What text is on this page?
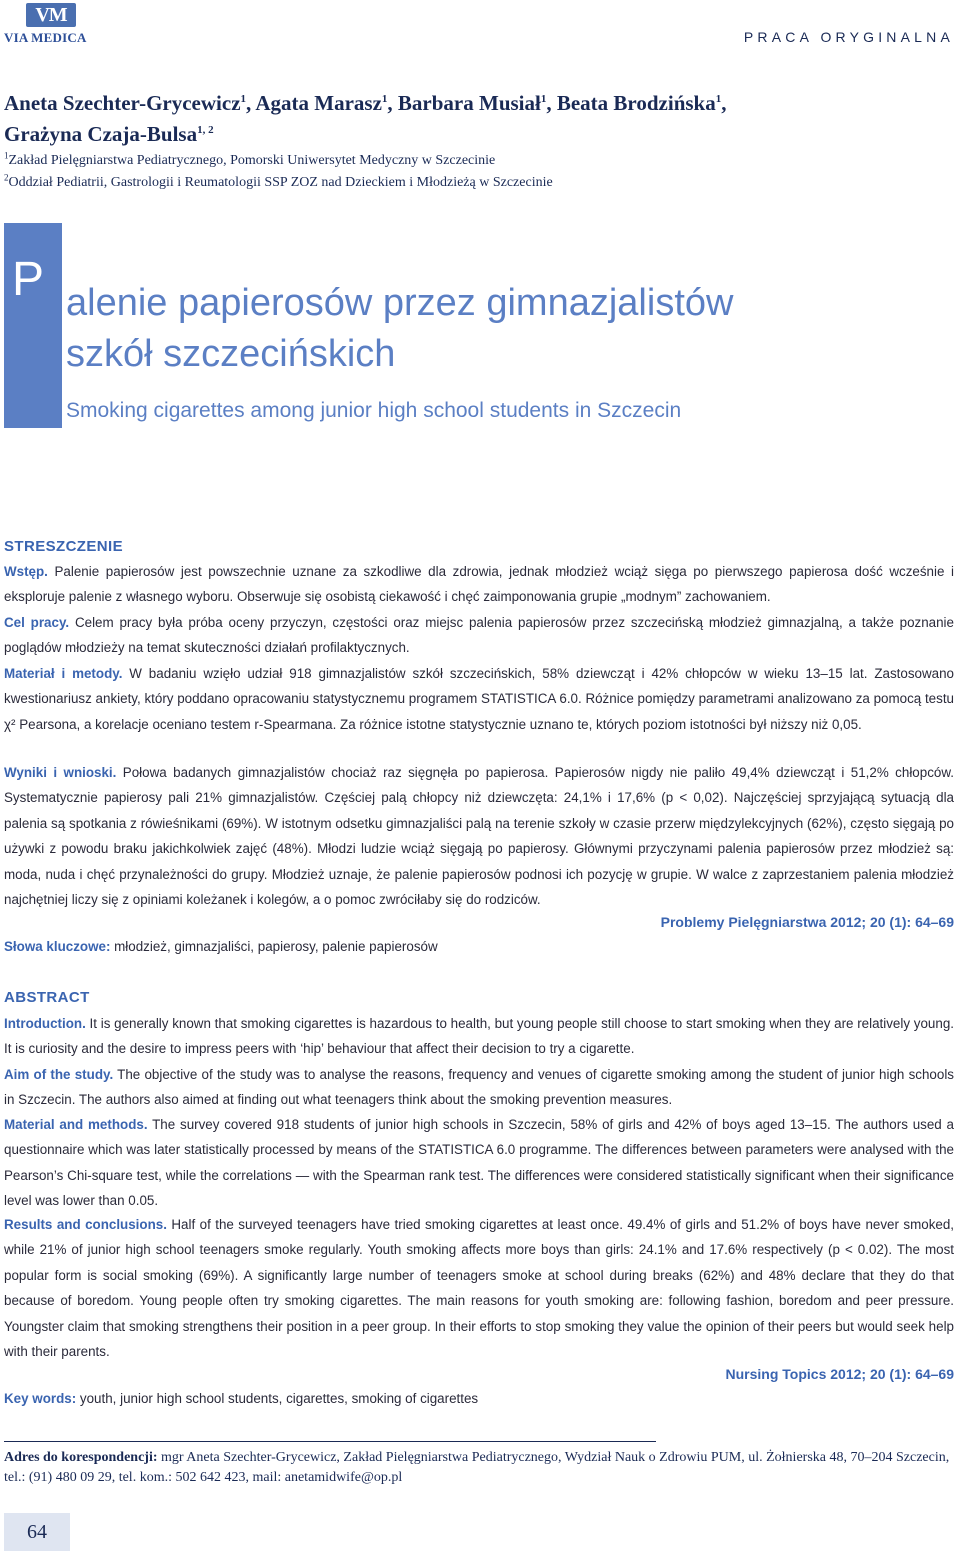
VM
VIA MEDICA	PRACA ORYGINALNA
Aneta Szechter-Grycewicz$^1$, Agata Marasz$^1$, Barbara Musiał$^1$, Beata Brodzińska$^1$,
Grażyna Czaja-Bulsa$^{1, 2}$
$^1$Zakład Pielęgniarstwa Pediatrycznego, Pomorski Uniwersytet Medyczny w Szczecinie
$^2$Oddział Pediatrii, Gastrologii i Reumatologii SSP ZOZ nad Dzieckiem i Młodzieżą w Szczecinie
P alenie papierosów przez gimnazjalistów
szkół szczecińskich
Smoking cigarettes among junior high school students in Szczecin
STRESZCZENIE
Wstęp. Palenie papierosów jest powszechnie uznane za szkodliwe dla zdrowia, jednak młodzież wciąż sięga po pierwszego papierosa dość wcześnie i eksploruje palenie z własnego wyboru. Obserwuje się osobistą ciekawość i chęć zaimponowania grupie „modnym” zachowaniem.
Cel pracy. Celem pracy była próba oceny przyczyn, częstości oraz miejsc palenia papierosów przez szczecińską młodzież gimnazjalną, a także poznanie poglądów młodzieży na temat skuteczności działań profilaktycznych.
Materiał i metody. W badaniu wzięło udział 918 gimnazjalistów szkół szczecińskich, 58% dziewcząt i 42% chłopców w wieku 13–15 lat. Zastosowano kwestionariusz ankiety, który poddano opracowaniu statystycznemu programem STATISTICA 6.0. Różnice pomiędzy parametrami analizowano za pomocą testu χ² Pearsona, a korelacje oceniano testem r-Spearmana. Za różnice istotne statystycznie uznano te, których poziom istotności był niższy niż 0,05.
Wyniki i wnioski. Połowa badanych gimnazjalistów chociaż raz sięgnęła po papierosa. Papierosów nigdy nie paliło 49,4% dziewcząt i 51,2% chłopców. Systematycznie papierosy pali 21% gimnazjalistów. Częściej palą chłopcy niż dziewczęta: 24,1% i 17,6% (p < 0,02). Najczęściej sprzyjającą sytuacją dla palenia są spotkania z rówieśnikami (69%). W istotnym odsetku gimnazjaliści palą na terenie szkoły w czasie przerw międzylekcyjnych (62%), często sięgają po używki z powodu braku jakichkolwiek zajęć (48%). Młodzi ludzie wciąż sięgają po papierosy. Głównymi przyczynami palenia papierosów przez młodzież są: moda, nuda i chęć przynależności do grupy. Młodzież uznaje, że palenie papierosów podnosi ich pozycję w grupie. W walce z zaprzestaniem palenia młodzież najchętniej liczy się z opiniami koleżanek i kolegów, a o pomoc zwróciłaby się do rodziców.
Problemy Pielęgniarstwa 2012; 20 (1): 64–69
Słowa kluczowe: młodzież, gimnazjaliści, papierosy, palenie papierosów
ABSTRACT
Introduction. It is generally known that smoking cigarettes is hazardous to health, but young people still choose to start smoking when they are relatively young. It is curiosity and the desire to impress peers with ‘hip’ behaviour that affect their decision to try a cigarette.
Aim of the study. The objective of the study was to analyse the reasons, frequency and venues of cigarette smoking among the student of junior high schools in Szczecin. The authors also aimed at finding out what teenagers think about the smoking prevention measures.
Material and methods. The survey covered 918 students of junior high schools in Szczecin, 58% of girls and 42% of boys aged 13–15. The authors used a questionnaire which was later statistically processed by means of the STATISTICA 6.0 programme. The differences between parameters were analysed with the Pearson’s Chi-square test, while the correlations — with the Spearman rank test. The differences were considered statistically significant when their significance level was lower than 0.05.
Results and conclusions. Half of the surveyed teenagers have tried smoking cigarettes at least once. 49.4% of girls and 51.2% of boys have never smoked, while 21% of junior high school teenagers smoke regularly. Youth smoking affects more boys than girls: 24.1% and 17.6% respectively (p < 0.02). The most popular form is social smoking (69%). A significantly large number of teenagers smoke at school during breaks (62%) and 48% declare that they do that because of boredom. Young people often try smoking cigarettes. The main reasons for youth smoking are: following fashion, boredom and peer pressure. Youngster claim that smoking strengthens their position in a peer group. In their efforts to stop smoking they value the opinion of their peers but would seek help with their parents.
Nursing Topics 2012; 20 (1): 64–69
Key words: youth, junior high school students, cigarettes, smoking of cigarettes
Adres do korespondencji: mgr Aneta Szechter-Grycewicz, Zakład Pielęgniarstwa Pediatrycznego, Wydział Nauk o Zdrowiu PUM, ul. Żołnierska 48, 70–204 Szczecin, tel.: (91) 480 09 29, tel. kom.: 502 642 423, mail: anetamidwife@op.pl
64
